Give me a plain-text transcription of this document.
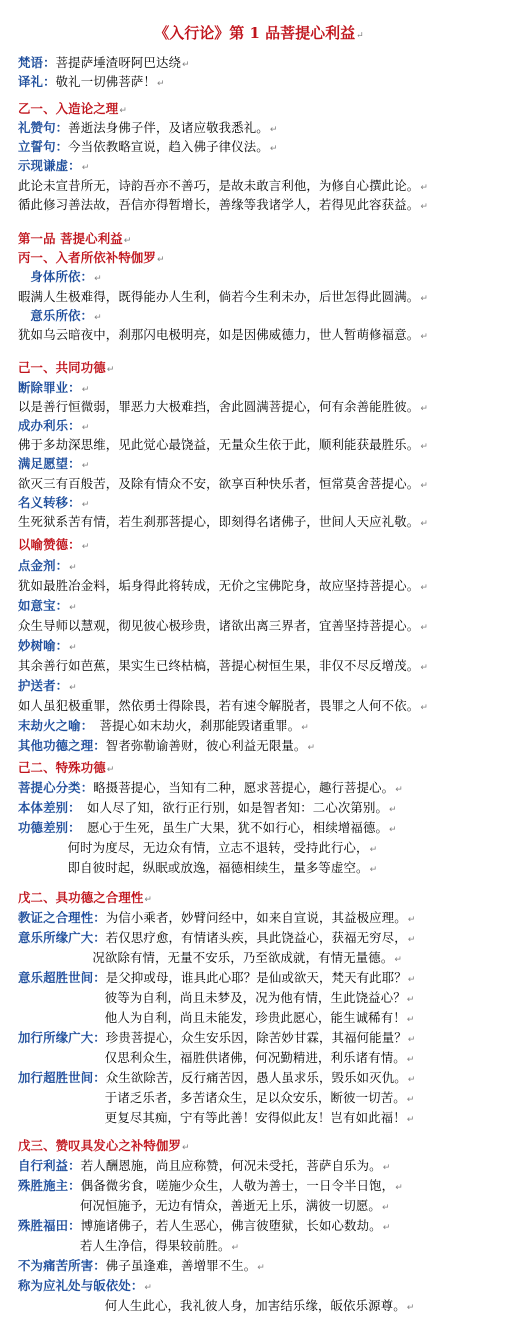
《入行论》第 1 品菩提心利益↵
梵语：菩提萨埵渣呀阿巴达绕↵
译礼：敬礼一切佛菩萨！↵
乙一、入造论之理↵
礼赞句：善逝法身佛子伴，及诸应敬我悉礼。↵
立誓句：今当依教略宣说，趋入佛子律仪法。↵
示现谦虚：↵
此论未宣昔所无，诗韵吾亦不善巧，是故未敢言利他，为修自心撰此论。↵
循此修习善法故，吾信亦得暂增长，善缘等我诸学人，若得见此容获益。↵
第一品 菩提心利益↵
丙一、入者所依补特伽罗↵
身体所依：↵
暇满人生极难得，既得能办人生利，倘若今生利未办，后世怎得此圆满。↵
意乐所依：↵
犹如乌云暗夜中，刹那闪电极明亮，如是因佛威德力，世人暂萌修福意。↵
己一、共同功德↵
断除罪业：↵
以是善行恒微弱，罪恶力大极难挡，舍此圆满菩提心，何有余善能胜彼。↵
成办利乐：↵
佛于多劫深思维，见此觉心最饶益，无量众生依于此，顺利能获最胜乐。↵
满足愿望：↵
欲灭三有百般苦，及除有情众不安，欲享百种快乐者，恒常莫舍菩提心。↵
名义转移：↵
生死狱系苦有情，若生刹那菩提心，即刻得名诸佛子，世间人天应礼敬。↵
以喻赞德：↵
点金剂：↵
犹如最胜冶金料，垢身得此将转成，无价之宝佛陀身，故应坚持菩提心。↵
如意宝：↵
众生导师以慧观，彻见彼心极珍贵，诸欲出离三界者，宜善坚持菩提心。↵
妙树喻：↵
其余善行如芭蕉，果实生已终枯槁，菩提心树恒生果，非仅不尽反增茂。↵
护送者：↵
如人虽犯极重罪，然依勇士得除畏，若有速令解脱者，畏罪之人何不依。↵
末劫火之喻：　菩提心如末劫火，刹那能毁诸重罪。↵
其他功德之理：智者弥勒谕善财，彼心利益无限量。↵
己二、特殊功德↵
菩提心分类：略摄菩提心，当知有二种，愿求菩提心，趣行菩提心。↵
本体差别：　如人尽了知，欲行正行别，如是智者知：二心次第别。↵
功德差别：　愿心于生死，虽生广大果，犹不如行心，相续增福德。↵
何时为度尽，无边众有情，立志不退转，受持此行心，↵
即自彼时起，纵眠或放逸，福德相续生，量多等虚空。↵
戊二、具功德之合理性↵
教证之合理性：为信小乘者，妙臂问经中，如来自宣说，其益极应理。↵
意乐所缘广大：若仅思疗愈，有情诸头疾，具此饶益心，获福无穷尽，↵
况欲除有情，无量不安乐，乃至欲成就，有情无量德。↵
意乐超胜世间：是父抑或母，谁具此心耶？是仙或欲天，梵天有此耶？↵
彼等为自利，尚且未梦及，况为他有情，生此饶益心？↵
他人为自利，尚且未能发，珍贵此愿心，能生诚稀有！↵
加行所缘广大：珍贵菩提心，众生安乐因，除苦妙甘霖，其福何能量？↵
仅思利众生，福胜供诸佛，何况勤精进，利乐诸有情。↵
加行超胜世间：众生欲除苦，反行痛苦因，愚人虽求乐，毁乐如灭仇。↵
于诸乏乐者，多苦诸众生，足以众安乐，断彼一切苦。↵
更复尽其痴，宁有等此善！安得似此友！岂有如此福！↵
戊三、赞叹具发心之补特伽罗↵
自行利益：若人酬恩施，尚且应称赞，何况未受托，菩萨自乐为。↵
殊胜施主：偶备微劣食，嗟施少众生，人敬为善士，一日令半日饱，↵
何况恒施予，无边有情众，善逝无上乐，满彼一切愿。↵
殊胜福田：博施诸佛子，若人生恶心，佛言彼堕狱，长如心数劫。↵
若人生净信，得果较前胜。↵
不为痛苦所害：佛子虽逢难，善增罪不生。↵
称为应礼处与皈依处：↵
何人生此心，我礼彼人身，加害结乐缘，皈依乐源尊。↵
